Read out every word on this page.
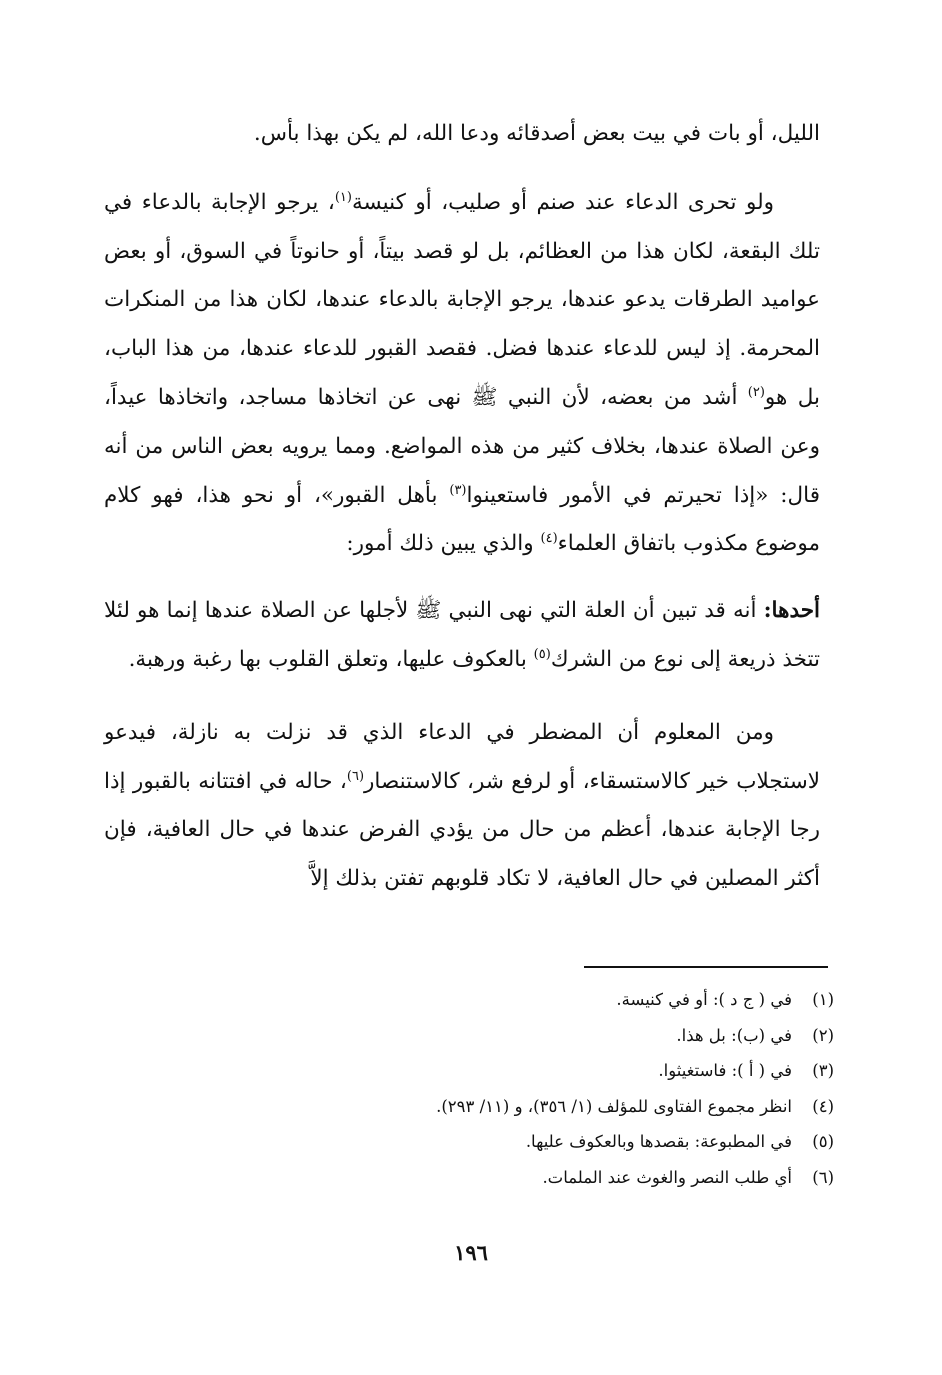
الليل، أو بات في بيت بعض أصدقائه ودعا الله، لم يكن بهذا بأس.

ولو تحرى الدعاء عند صنم أو صليب، أو كنيسة$^{(١)}$، يرجو الإجابة بالدعاء في تلك البقعة، لكان هذا من العظائم، بل لو قصد بيتاً، أو حانوتاً في السوق، أو بعض عواميد الطرقات يدعو عندها، يرجو الإجابة بالدعاء عندها، لكان هذا من المنكرات المحرمة. إذ ليس للدعاء عندها فضل. فقصد القبور للدعاء عندها، من هذا الباب، بل هو$^{(٢)}$ أشد من بعضه، لأن النبي ﷺ نهى عن اتخاذها مساجد، واتخاذها عيداً، وعن الصلاة عندها، بخلاف كثير من هذه المواضع. ومما يرويه بعض الناس من أنه قال: «إذا تحيرتم في الأمور فاستعينوا$^{(٣)}$ بأهل القبور»، أو نحو هذا، فهو كلام موضوع مكذوب باتفاق العلماء$^{(٤)}$ والذي يبين ذلك أمور:

أحدها: أنه قد تبين أن العلة التي نهى النبي ﷺ لأجلها عن الصلاة عندها إنما هو لئلا تتخذ ذريعة إلى نوع من الشرك$^{(٥)}$ بالعكوف عليها، وتعلق القلوب بها رغبة ورهبة.

ومن المعلوم أن المضطر في الدعاء الذي قد نزلت به نازلة، فيدعو لاستجلاب خير كالاستسقاء، أو لرفع شر، كالاستنصار$^{(٦)}$، حاله في افتتانه بالقبور إذا رجا الإجابة عندها، أعظم من حال من يؤدي الفرض عندها في حال العافية، فإن أكثر المصلين في حال العافية، لا تكاد قلوبهم تفتن بذلك إلاَّ

(١)في ( ج د ): أو في كنيسة.
(٢)في (ب): بل هذا.
(٣)في ( أ ): فاستغيثوا.
(٤)انظر مجموع الفتاوى للمؤلف (١/ ٣٥٦)، و (١١/ ٢٩٣).
(٥)في المطبوعة: بقصدها وبالعكوف عليها.
(٦)أي طلب النصر والغوث عند الملمات.
١٩٦
